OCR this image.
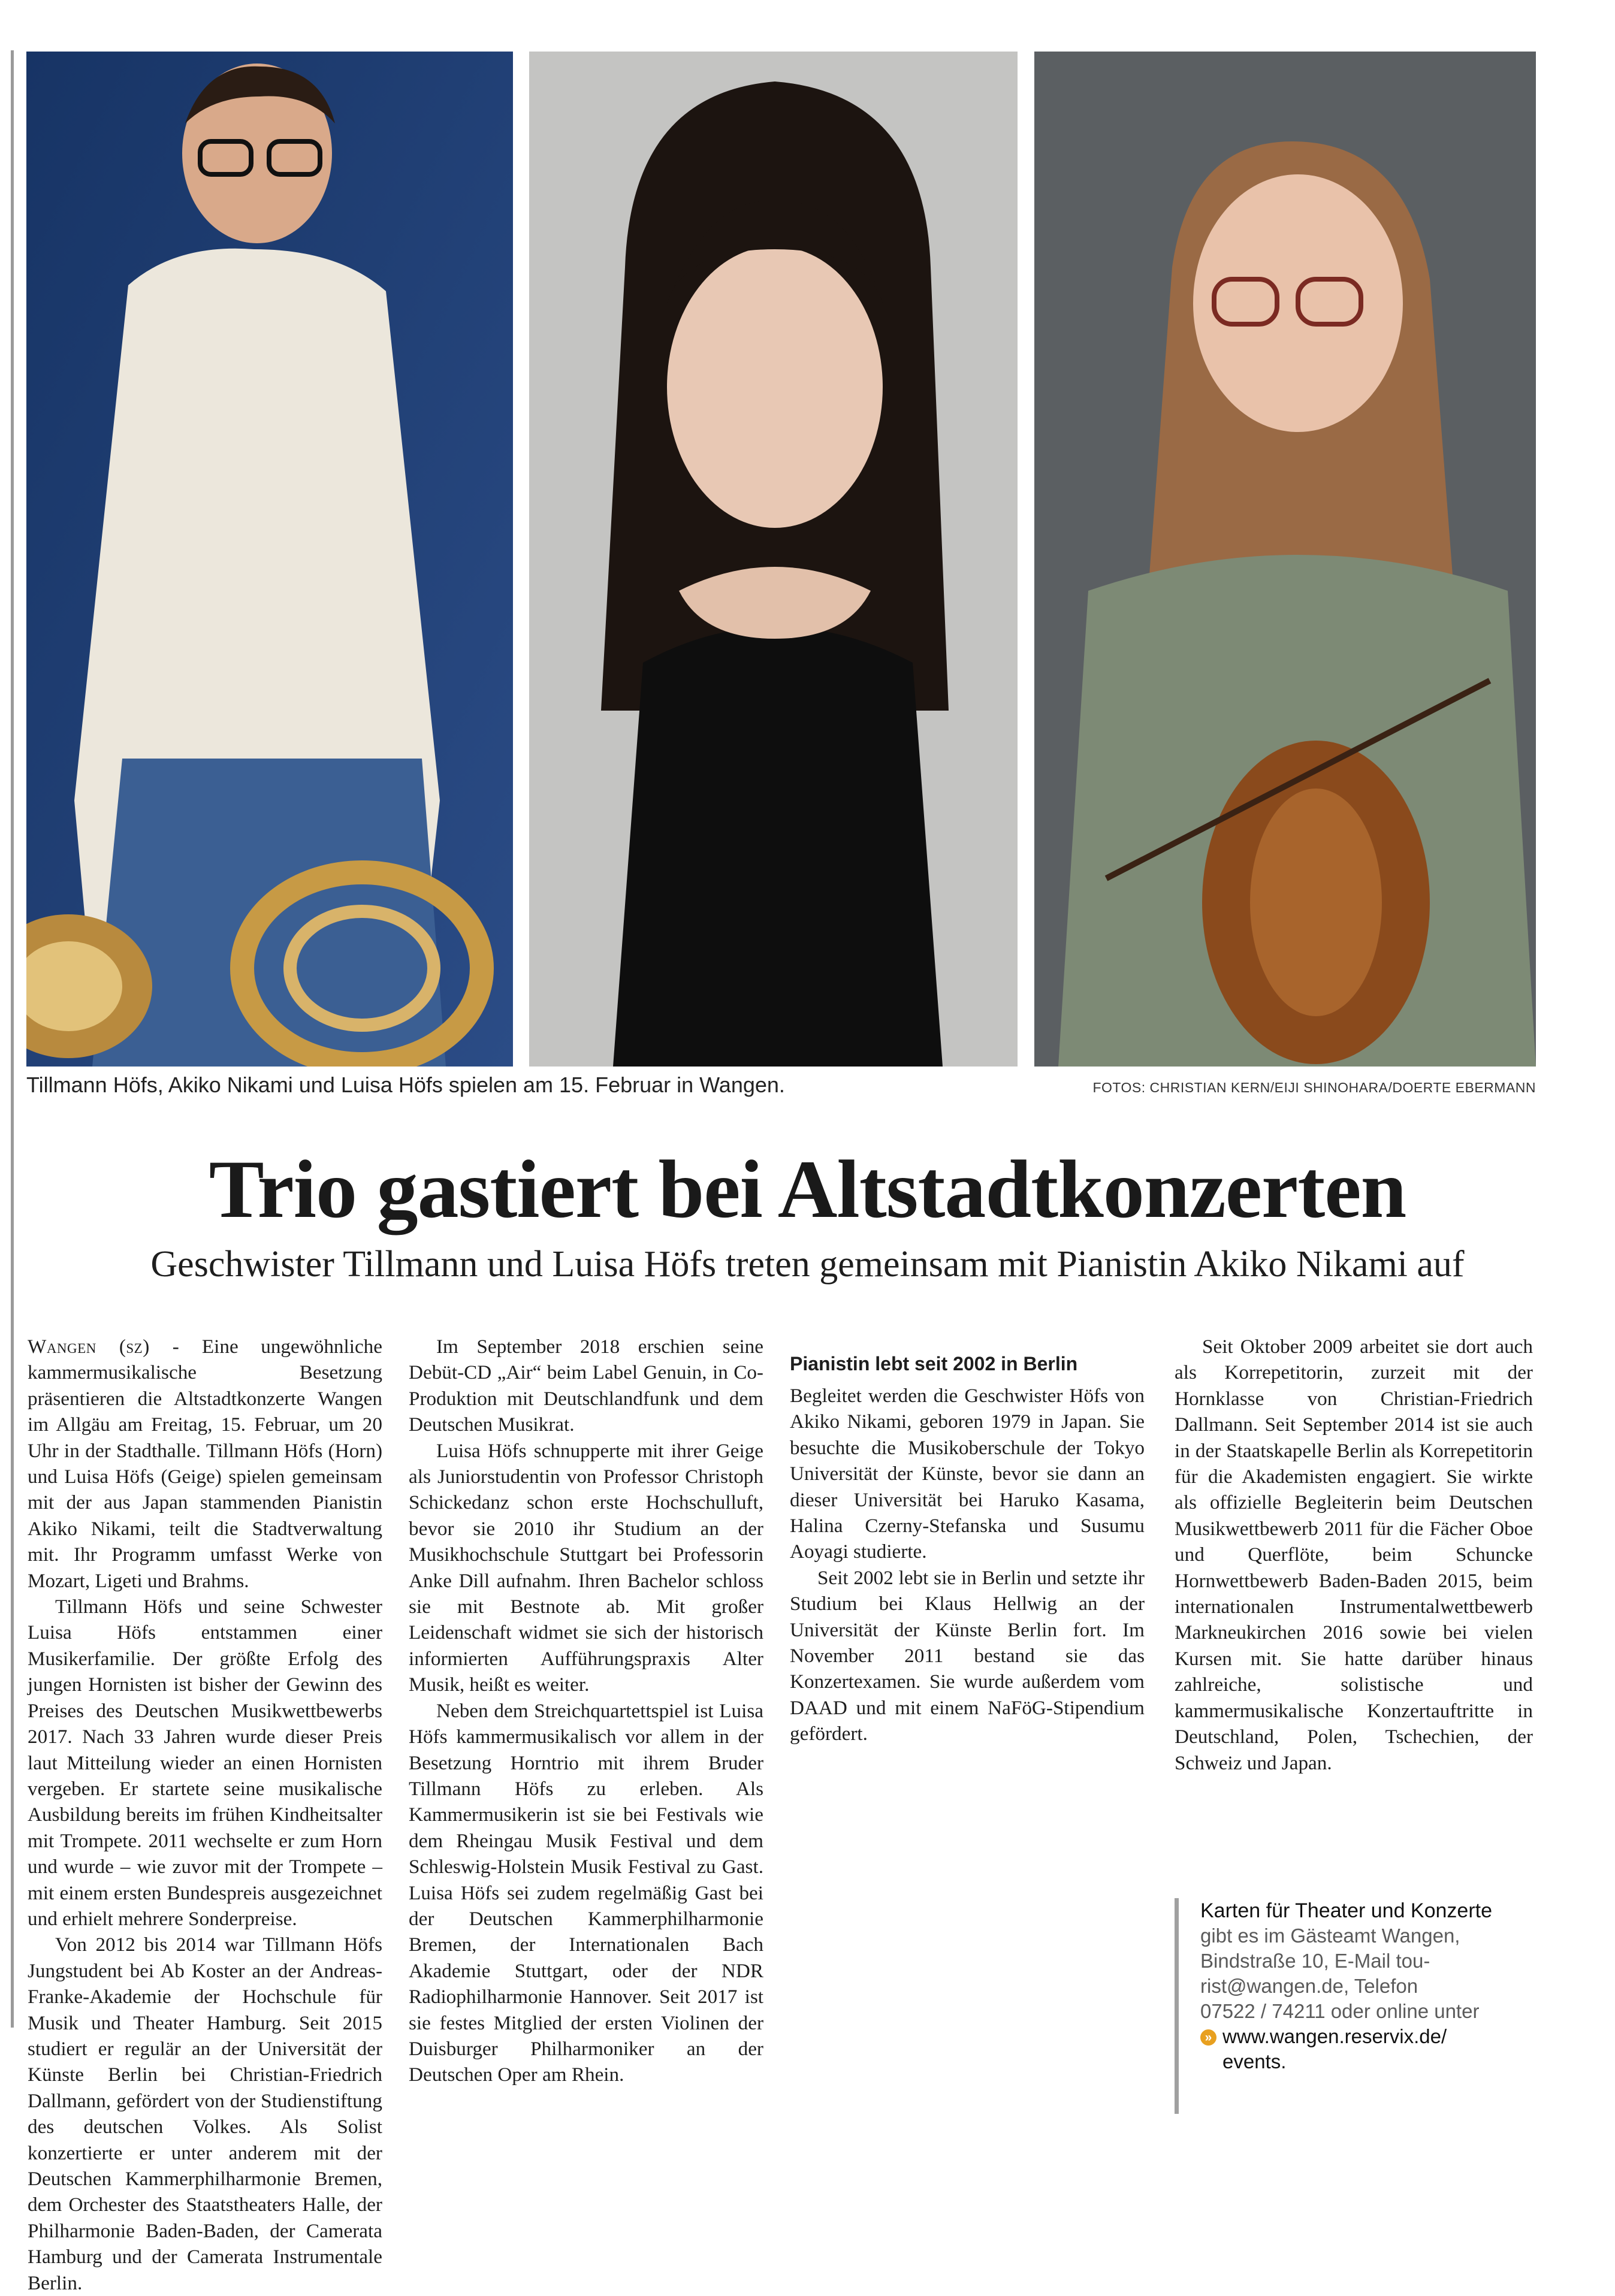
Tillmann Höfs, Akiko Nikami und Luisa Höfs spielen am 15. Februar in Wangen.	FOTOS: CHRISTIAN KERN/EIJI SHINOHARA/DOERTE EBERMANN
Trio gastiert bei Altstadtkonzerten
Geschwister Tillmann und Luisa Höfs treten gemeinsam mit Pianistin Akiko Nikami auf

Wangen (sz) - Eine ungewöhnliche kammermusikalische Besetzung präsentieren die Altstadtkonzerte Wangen im Allgäu am Freitag, 15. Februar, um 20 Uhr in der Stadthalle. Tillmann Höfs (Horn) und Luisa Höfs (Geige) spielen gemeinsam mit der aus Japan stammenden Pianistin Akiko Nikami, teilt die Stadtverwaltung mit. Ihr Programm umfasst Werke von Mozart, Ligeti und Brahms.

Tillmann Höfs und seine Schwester Luisa Höfs entstammen einer Musikerfamilie. Der größte Erfolg des jungen Hornisten ist bisher der Gewinn des Preises des Deutschen Musikwettbewerbs 2017. Nach 33 Jahren wurde dieser Preis laut Mitteilung wieder an einen Hornisten vergeben. Er startete seine musikalische Ausbildung bereits im frühen Kindheitsalter mit Trompete. 2011 wechselte er zum Horn und wurde – wie zuvor mit der Trompete – mit einem ersten Bundespreis ausgezeichnet und erhielt mehrere Sonderpreise.

Von 2012 bis 2014 war Tillmann Höfs Jungstudent bei Ab Koster an der Andreas-Franke-Akademie der Hochschule für Musik und Theater Hamburg. Seit 2015 studiert er regulär an der Universität der Künste Berlin bei Christian-Friedrich Dallmann, gefördert von der Studienstiftung des deutschen Volkes. Als Solist konzertierte er unter anderem mit der Deutschen Kammerphilharmonie Bremen, dem Orchester des Staatstheaters Halle, der Philharmonie Baden-Baden, der Camerata Hamburg und der Camerata Instrumentale Berlin.

Im September 2018 erschien seine Debüt-CD „Air“ beim Label Genuin, in Co-Produktion mit Deutschlandfunk und dem Deutschen Musikrat.

Luisa Höfs schnupperte mit ihrer Geige als Juniorstudentin von Professor Christoph Schickedanz schon erste Hochschulluft, bevor sie 2010 ihr Studium an der Musikhochschule Stuttgart bei Professorin Anke Dill aufnahm. Ihren Bachelor schloss sie mit Bestnote ab. Mit großer Leidenschaft widmet sie sich der historisch informierten Aufführungspraxis Alter Musik, heißt es weiter.

Neben dem Streichquartettspiel ist Luisa Höfs kammermusikalisch vor allem in der Besetzung Horntrio mit ihrem Bruder Tillmann Höfs zu erleben. Als Kammermusikerin ist sie bei Festivals wie dem Rheingau Musik Festival und dem Schleswig-Holstein Musik Festival zu Gast. Luisa Höfs sei zudem regelmäßig Gast bei der Deutschen Kammerphilharmonie Bremen, der Internationalen Bach Akademie Stuttgart, oder der NDR Radiophilharmonie Hannover. Seit 2017 ist sie festes Mitglied der ersten Violinen der Duisburger Philharmoniker an der Deutschen Oper am Rhein.

Pianistin lebt seit 2002 in Berlin

Begleitet werden die Geschwister Höfs von Akiko Nikami, geboren 1979 in Japan. Sie besuchte die Musikoberschule der Tokyo Universität der Künste, bevor sie dann an dieser Universität bei Haruko Kasama, Halina Czerny-Stefanska und Susumu Aoyagi studierte.

Seit 2002 lebt sie in Berlin und setzte ihr Studium bei Klaus Hellwig an der Universität der Künste Berlin fort. Im November 2011 bestand sie das Konzertexamen. Sie wurde außerdem vom DAAD und mit einem NaFöG-Stipendium gefördert.

Seit Oktober 2009 arbeitet sie dort auch als Korrepetitorin, zurzeit mit der Hornklasse von Christian-Friedrich Dallmann. Seit September 2014 ist sie auch in der Staatskapelle Berlin als Korrepetitorin für die Akademisten engagiert. Sie wirkte als offizielle Begleiterin beim Deutschen Musikwettbewerb 2011 für die Fächer Oboe und Querflöte, beim Schuncke Hornwettbewerb Baden-Baden 2015, beim internationalen Instrumentalwettbewerb Markneukirchen 2016 sowie bei vielen Kursen mit. Sie hatte darüber hinaus zahlreiche, solistische und kammermusikalische Konzertauftritte in Deutschland, Polen, Tschechien, der Schweiz und Japan.

Karten für Theater und Konzerte
gibt es im Gästeamt Wangen,
Bindstraße 10, E-Mail tou-
rist@wangen.de, Telefon
07522 / 74211 oder online unter
» www.wangen.reservix.de/
events.
